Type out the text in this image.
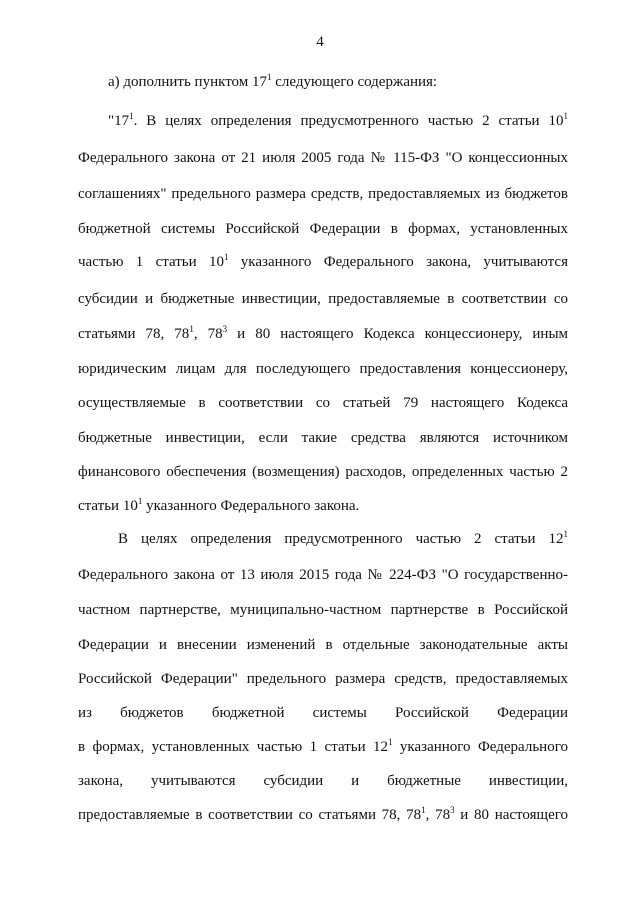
4
а) дополнить пунктом $17^1$ следующего содержания:
"$17^1$. В целях определения предусмотренного частью 2 статьи $10^1$
Федерального закона от 21 июля 2005 года № 115-ФЗ "О концессионных
соглашениях" предельного размера средств, предоставляемых из бюджетов
бюджетной системы Российской Федерации в формах, установленных
частью 1 статьи $10^1$ указанного Федерального закона, учитываются
субсидии и бюджетные инвестиции, предоставляемые в соответствии со
статьями 78, $78^1$, $78^3$ и 80 настоящего Кодекса концессионеру, иным
юридическим лицам для последующего предоставления концессионеру,
осуществляемые в соответствии со статьей 79 настоящего Кодекса
бюджетные инвестиции, если такие средства являются источником
финансового обеспечения (возмещения) расходов, определенных частью 2
статьи $10^1$ указанного Федерального закона.
В целях определения предусмотренного частью 2 статьи $12^1$
Федерального закона от 13 июля 2015 года № 224-ФЗ "О государственно-
частном партнерстве, муниципально-частном партнерстве в Российской
Федерации и внесении изменений в отдельные законодательные акты
Российской Федерации" предельного размера средств, предоставляемых
из бюджетов бюджетной системы Российской Федерации
в формах, установленных частью 1 статьи $12^1$ указанного Федерального
закона, учитываются субсидии и бюджетные инвестиции,
предоставляемые в соответствии со статьями 78, $78^1$, $78^3$ и 80 настоящего
